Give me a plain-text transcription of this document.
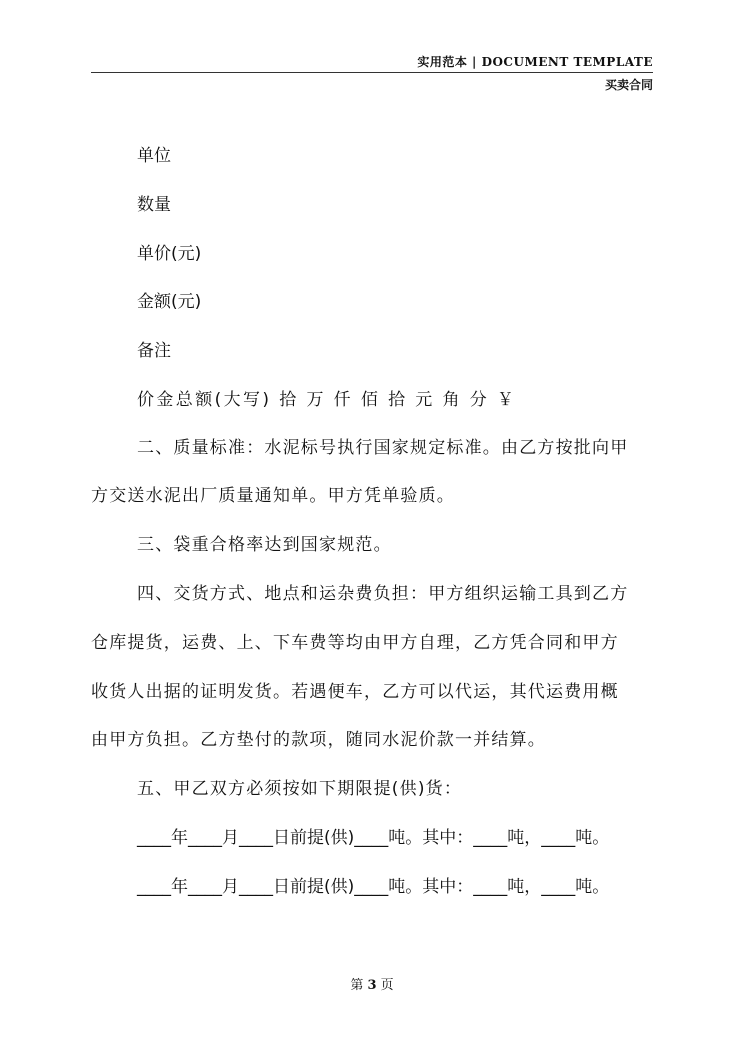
实用范本 | DOCUMENT TEMPLATE
买卖合同
单位
数量
单价(元)
金额(元)
备注
价金总额(大写) 拾 万 仟 佰 拾 元 角 分 ￥
二、质量标准：水泥标号执行国家规定标准。由乙方按批向甲
方交送水泥出厂质量通知单。甲方凭单验质。
三、袋重合格率达到国家规范。
四、交货方式、地点和运杂费负担：甲方组织运输工具到乙方
仓库提货，运费、上、下车费等均由甲方自理，乙方凭合同和甲方
收货人出据的证明发货。若遇便车，乙方可以代运，其代运费用概
由甲方负担。乙方垫付的款项，随同水泥价款一并结算。
五、甲乙双方必须按如下期限提(供)货：
____年____月____日前提(供)____吨。其中：____吨，____吨。
____年____月____日前提(供)____吨。其中：____吨，____吨。
第 3 页
